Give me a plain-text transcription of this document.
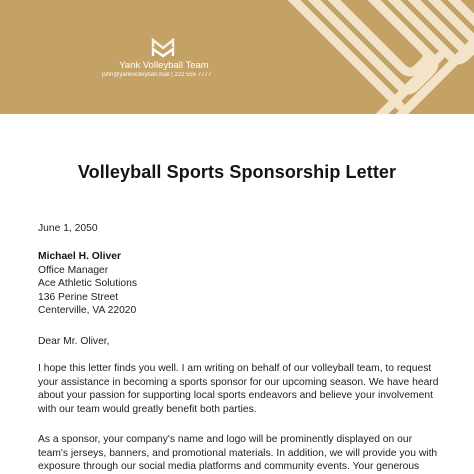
Yank Volleyball Team
john@yankvolleyball.mail | 222 555 7777
Volleyball Sports Sponsorship Letter

June 1, 2050

Michael H. Oliver
Office Manager
Ace Athletic Solutions
136 Perine Street
Centerville, VA 22020

Dear Mr. Oliver,

I hope this letter finds you well. I am writing on behalf of our volleyball team, to request
your assistance in becoming a sports sponsor for our upcoming season. We have heard
about your passion for supporting local sports endeavors and believe your involvement
with our team would greatly benefit both parties.
As a sponsor, your company's name and logo will be prominently displayed on our
team's jerseys, banners, and promotional materials. In addition, we will provide you with
exposure through our social media platforms and community events. Your generous
